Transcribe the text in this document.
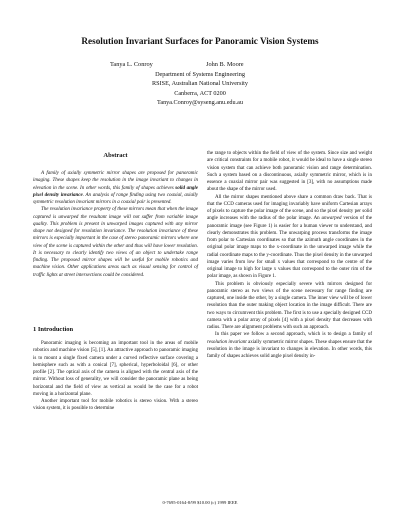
Resolution Invariant Surfaces for Panoramic Vision Systems
Tanya L. Conroy	John B. Moore
Department of Systems Engineering
RSISE, Australian National University
Canberra, ACT 0200
Tanya.Conroy@syseng.anu.edu.au
Abstract

A family of axially symmetric mirror shapes are proposed for panoramic imaging. These shapes keep the resolution in the image invariant to changes in elevation in the scene. In other words, this family of shapes achieves solid angle pixel density invariance. An analysis of range finding using two coaxial, axially symmetric resolution invariant mirrors in a coaxial pair is presented.

The resolution invariance property of these mirrors mean that when the image captured is unwarped the resultant image will not suffer from variable image quality. This problem is present in unwarped images captured with any mirror shape not designed for resolution invariance. The resolution invariance of these mirrors is especially important in the case of stereo panoramic mirrors where one view of the scene is captured within the other and thus will have lower resolution. It is necessary to clearly identify two views of an object to undertake range finding. The proposed mirror shapes will be useful for mobile robotics and machine vision. Other applications areas such as visual sensing for control of traffic lights at street intersections could be considered.

1 Introduction

Panoramic imaging is becoming an important tool in the areas of mobile robotics and machine vision [5], [1]. An attractive approach to panoramic imaging is to mount a single fixed camera under a curved reflective surface covering a hemisphere such as with a conical [7], spherical, hyperboloidal [6], or other profile [2]. The optical axis of the camera is aligned with the central axis of the mirror. Without loss of generality, we will consider the panoramic plane as being horizontal and the field of view as vertical as would be the case for a robot moving in a horizontal plane.

Another important tool for mobile robotics is stereo vision. With a stereo vision system, it is possible to determine

the range to objects within the field of view of the system. Since size and weight are critical constraints for a mobile robot, it would be ideal to have a single stereo vision system that can achieve both panoramic vision and range determination. Such a system based on a discontinuous, axially symmetric mirror, which is in essence a coaxial mirror pair was suggested in [3], with no assumptions made about the shape of the mirror used.

All the mirror shapes mentioned above share a common draw back. That is that the CCD cameras used for imaging invariably have uniform Cartesian arrays of pixels to capture the polar image of the scene, and so the pixel density per solid angle increases with the radius of the polar image. An unwarped version of the panoramic image (see Figure 1) is easier for a human viewer to understand, and clearly demonstrates this problem. The unwarping process transforms the image from polar to Cartesian coordinates so that the azimuth angle coordinates in the original polar image maps to the x-coordinate in the unwarped image while the radial coordinate maps to the y-coordinate. Thus the pixel density in the unwarped image varies from low for small x values that correspond to the centre of the original image to high for large x values that correspond to the outer rim of the polar image, as shown in Figure 1.

This problem is obviously especially severe with mirrors designed for panoramic stereo as two views of the scene necessary for range finding are captured, one inside the other, by a single camera. The inner view will be of lower resolution than the outer making object location in the image difficult. There are two ways to circumvent this problem. The first is to use a specially designed CCD camera with a polar array of pixels [4] with a pixel density that decreases with radius. There are alignment problems with such an approach.

In this paper we follow a second approach, which is to design a family of resolution invariant axially symmetric mirror shapes. These shapes ensure that the resolution in the image is invariant to changes in elevation. In other words, this family of shapes achieves solid angle pixel density in-

0-7695-0164-8/99 $10.00 (c) 1999 IEEE
